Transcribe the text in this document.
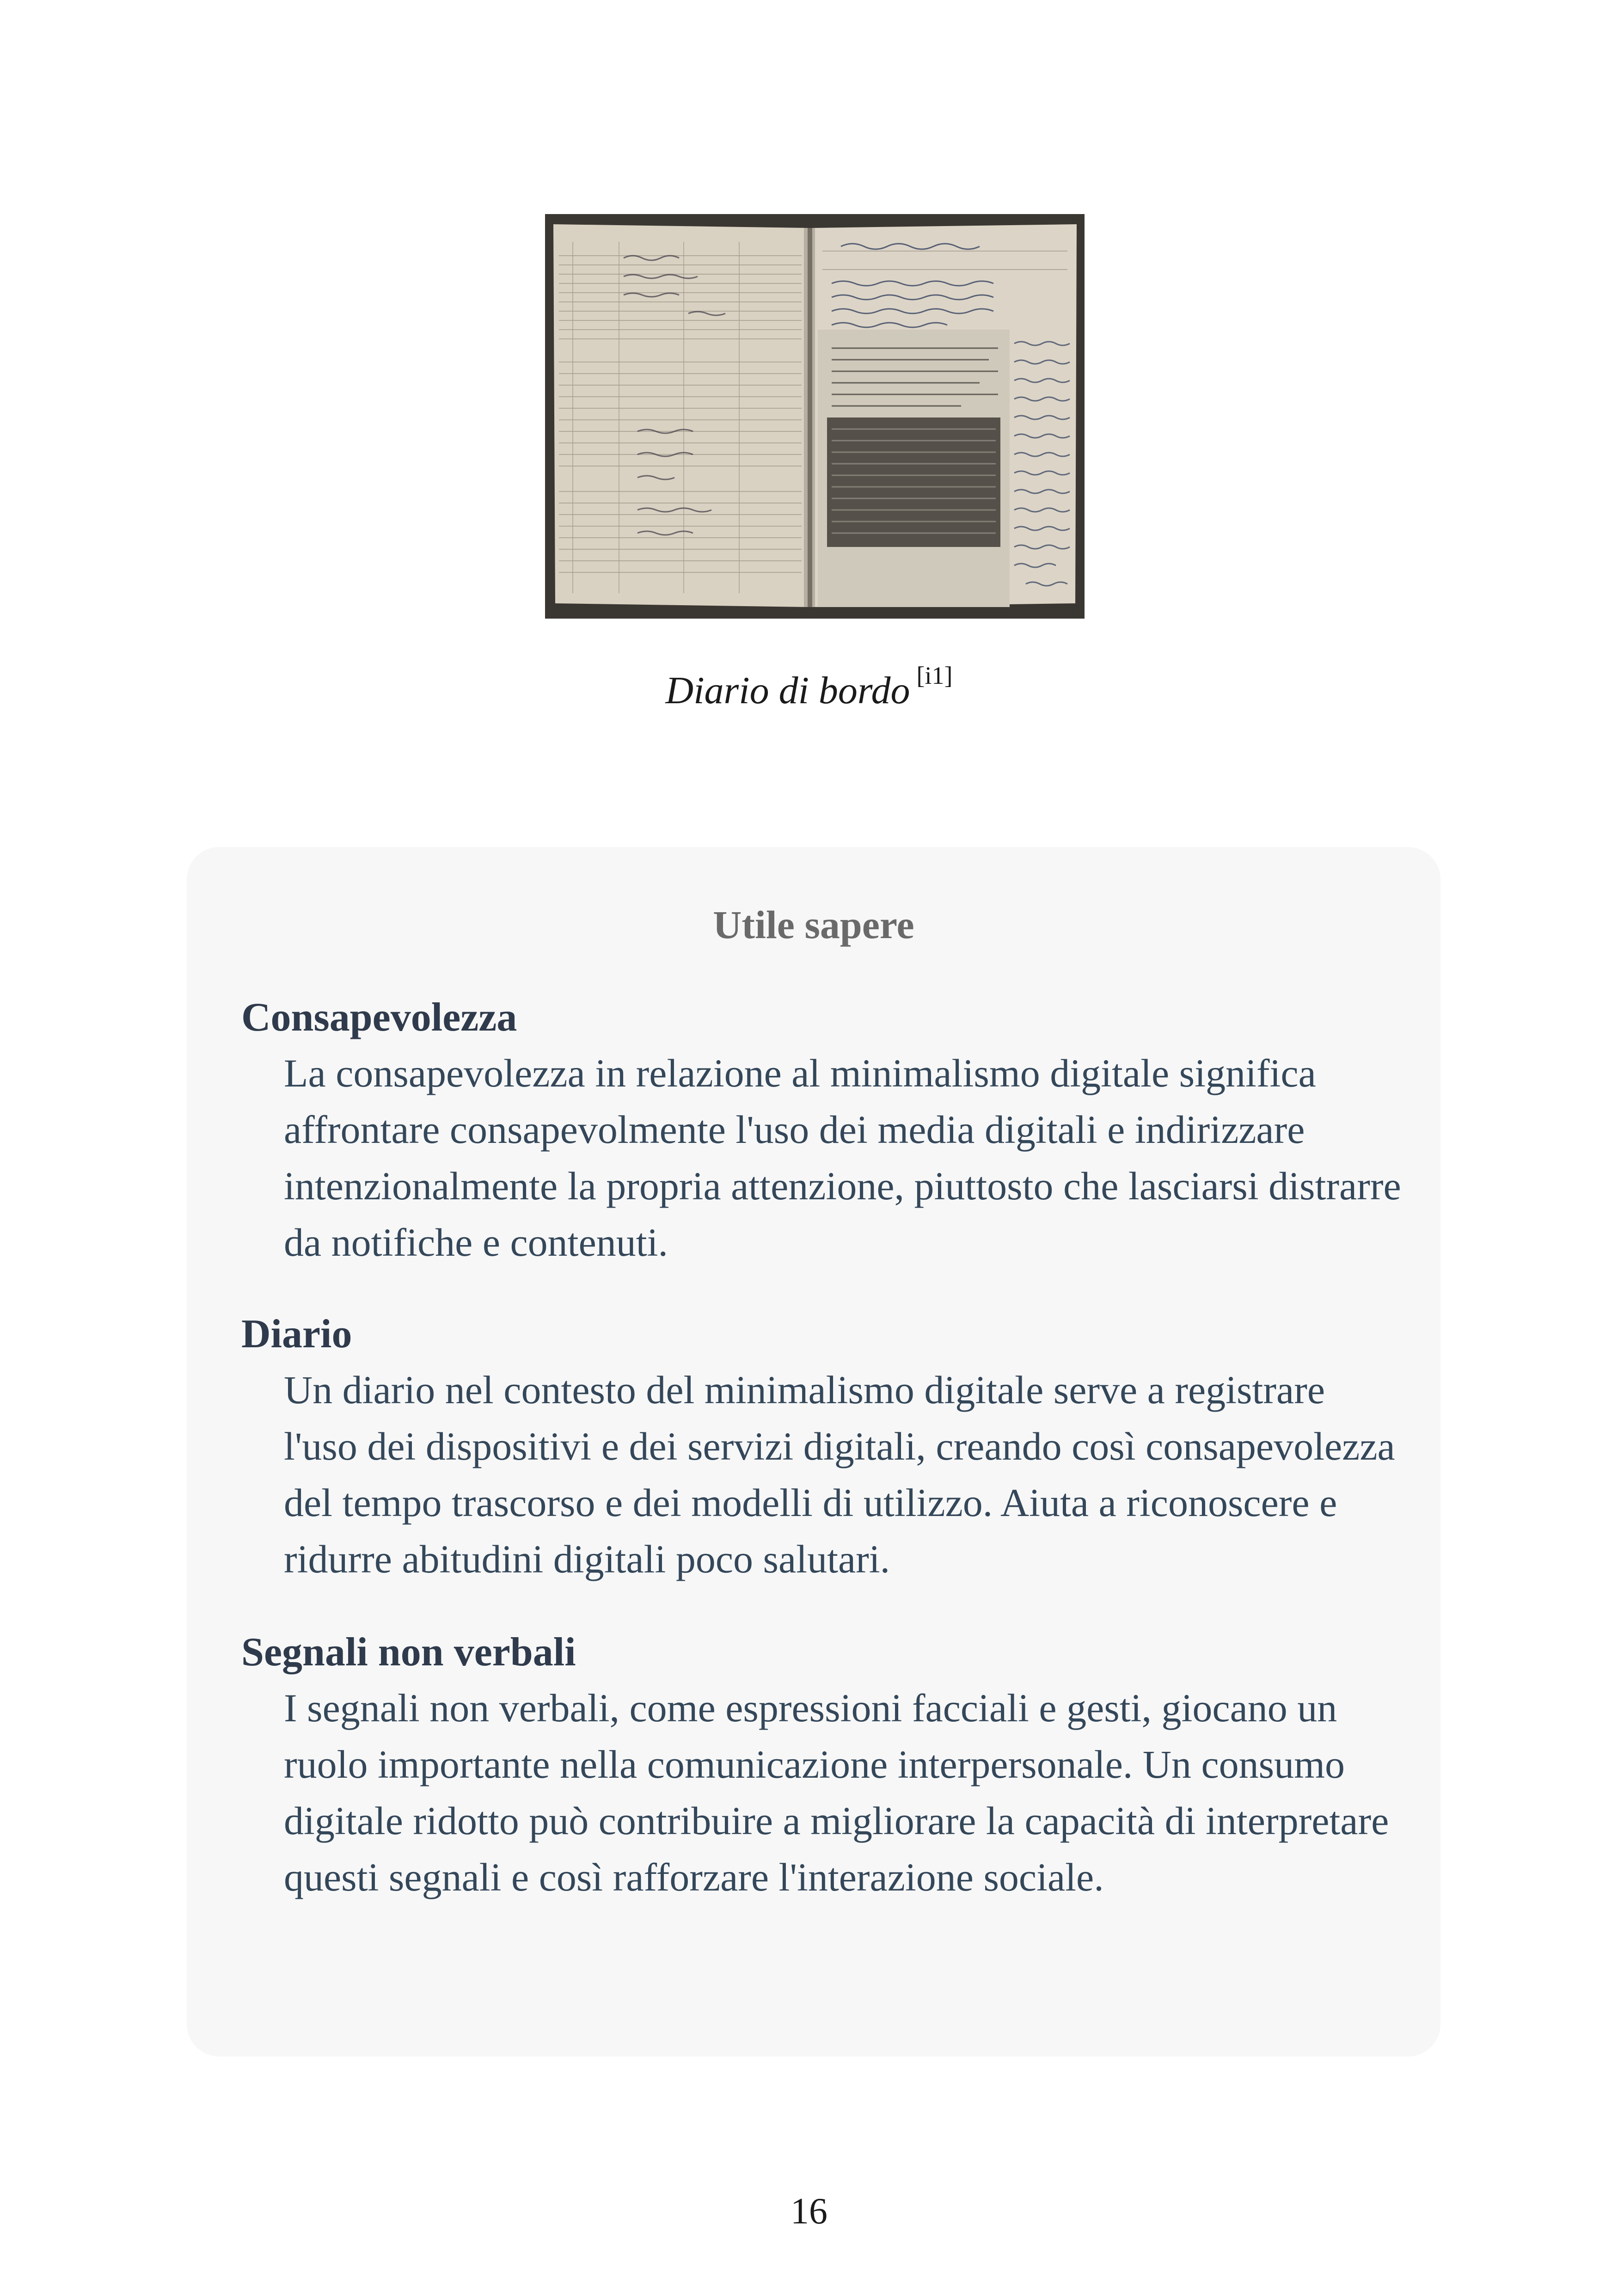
Diario di bordo [i1]
Utile sapere
Consapevolezza
La consapevolezza in relazione al minimalismo digitale significa affrontare consapevolmente l'uso dei media digitali e indirizzare intenzionalmente la propria attenzione, piuttosto che lasciarsi distrarre da notifiche e contenuti.
Diario
Un diario nel contesto del minimalismo digitale serve a registrare l'uso dei dispositivi e dei servizi digitali, creando così consapevolezza del tempo trascorso e dei modelli di utilizzo. Aiuta a riconoscere e ridurre abitudini digitali poco salutari.
Segnali non verbali
I segnali non verbali, come espressioni facciali e gesti, giocano un ruolo importante nella comunicazione interpersonale. Un consumo digitale ridotto può contribuire a migliorare la capacità di interpretare questi segnali e così rafforzare l'interazione sociale.
16
